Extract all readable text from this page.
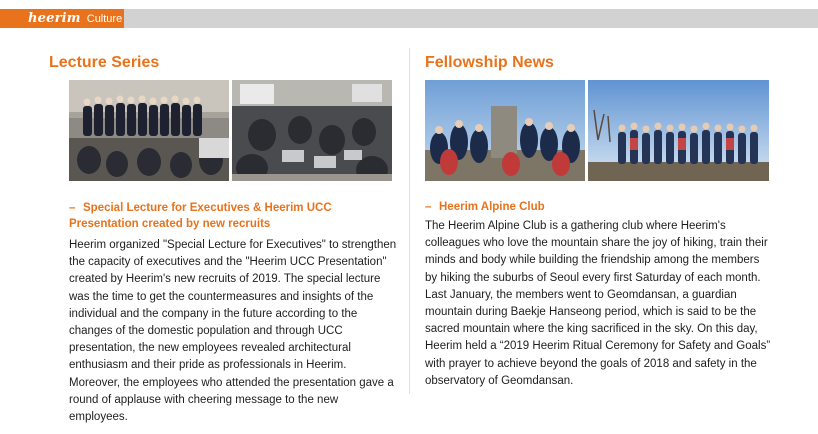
heerim Culture
Lecture Series
– Special Lecture for Executives & Heerim UCC Presentation created by new recruits

Heerim organized "Special Lecture for Executives" to strengthen the capacity of executives and the "Heerim UCC Presentation" created by Heerim's new recruits of 2019. The special lecture was the time to get the countermeasures and insights of the individual and the company in the future according to the changes of the domestic population and through UCC presentation, the new employees revealed architectural enthusiasm and their pride as professionals in Heerim. Moreover, the employees who attended the presentation gave a round of applause with cheering message to the new employees.

Fellowship News
– Heerim Alpine Club

The Heerim Alpine Club is a gathering club where Heerim's colleagues who love the mountain share the joy of hiking, train their minds and body while building the friendship among the members by hiking the suburbs of Seoul every first Saturday of each month.

Last January, the members went to Geomdansan, a guardian mountain during Baekje Hanseong period, which is said to be the sacred mountain where the king sacrificed in the sky. On this day, Heerim held a “2019 Heerim Ritual Ceremony for Safety and Goals” with prayer to achieve beyond the goals of 2018 and safety in the observatory of Geomdansan.
